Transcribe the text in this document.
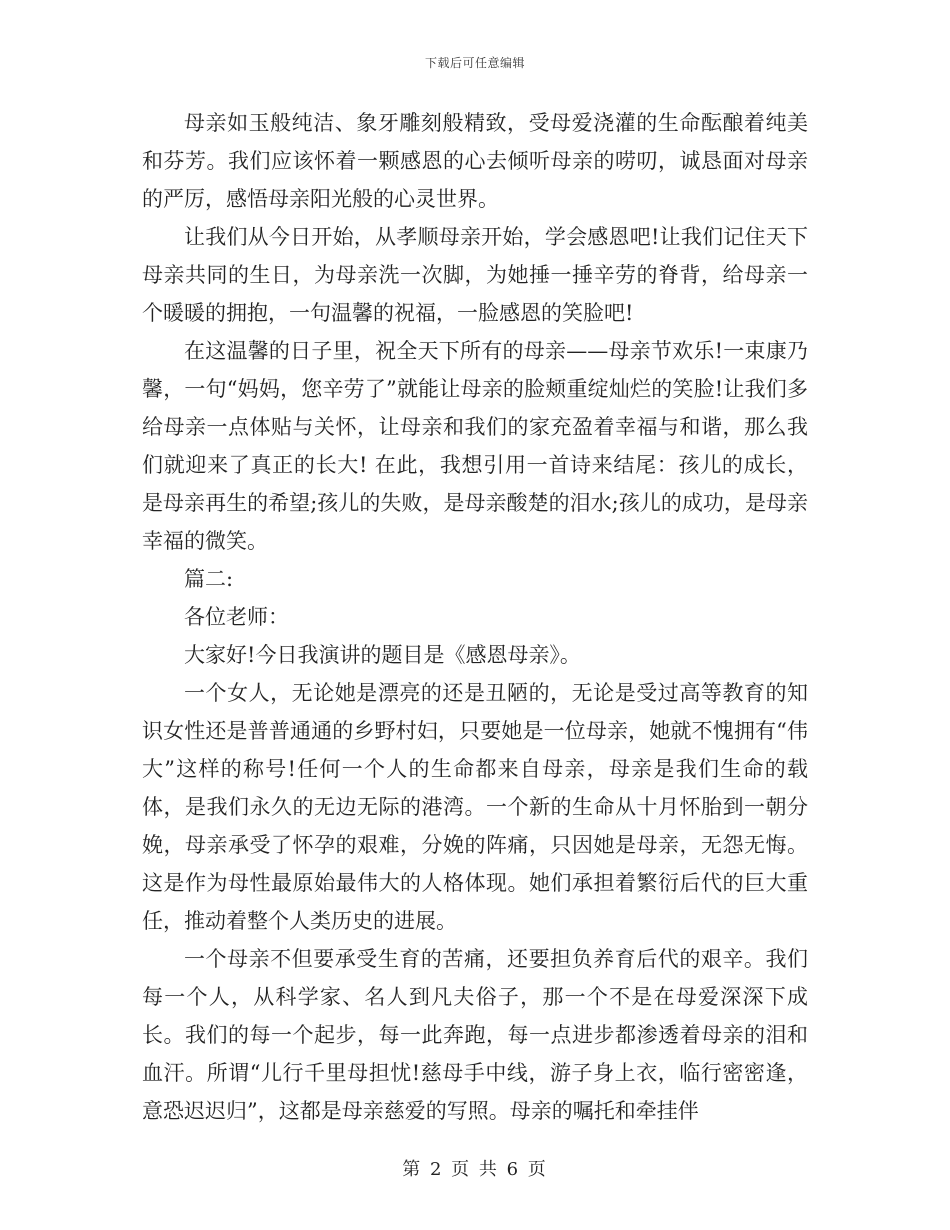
下载后可任意编辑

母亲如玉般纯洁、象牙雕刻般精致，受母爱浇灌的生命酝酿着纯美和芬芳。我们应该怀着一颗感恩的心去倾听母亲的唠叨，诚恳面对母亲的严厉，感悟母亲阳光般的心灵世界。

让我们从今日开始，从孝顺母亲开始，学会感恩吧!让我们记住天下母亲共同的生日，为母亲洗一次脚，为她捶一捶辛劳的脊背，给母亲一个暖暖的拥抱，一句温馨的祝福，一脸感恩的笑脸吧!

在这温馨的日子里，祝全天下所有的母亲——母亲节欢乐!一束康乃馨，一句“妈妈，您辛劳了”就能让母亲的脸颊重绽灿烂的笑脸!让我们多给母亲一点体贴与关怀，让母亲和我们的家充盈着幸福与和谐，那么我们就迎来了真正的长大! 在此，我想引用一首诗来结尾：孩儿的成长，是母亲再生的希望;孩儿的失败，是母亲酸楚的泪水;孩儿的成功，是母亲幸福的微笑。

篇二:

各位老师：

大家好!今日我演讲的题目是《感恩母亲》。

一个女人，无论她是漂亮的还是丑陋的，无论是受过高等教育的知识女性还是普普通通的乡野村妇，只要她是一位母亲，她就不愧拥有“伟大”这样的称号!任何一个人的生命都来自母亲，母亲是我们生命的载体，是我们永久的无边无际的港湾。一个新的生命从十月怀胎到一朝分娩，母亲承受了怀孕的艰难，分娩的阵痛，只因她是母亲，无怨无悔。这是作为母性最原始最伟大的人格体现。她们承担着繁衍后代的巨大重任，推动着整个人类历史的进展。

一个母亲不但要承受生育的苦痛，还要担负养育后代的艰辛。我们每一个人，从科学家、名人到凡夫俗子，那一个不是在母爱深深下成长。我们的每一个起步，每一此奔跑，每一点进步都渗透着母亲的泪和血汗。所谓“儿行千里母担忧!慈母手中线，游子身上衣，临行密密逢，意恐迟迟归”，这都是母亲慈爱的写照。母亲的嘱托和牵挂伴

第 2 页 共 6 页
